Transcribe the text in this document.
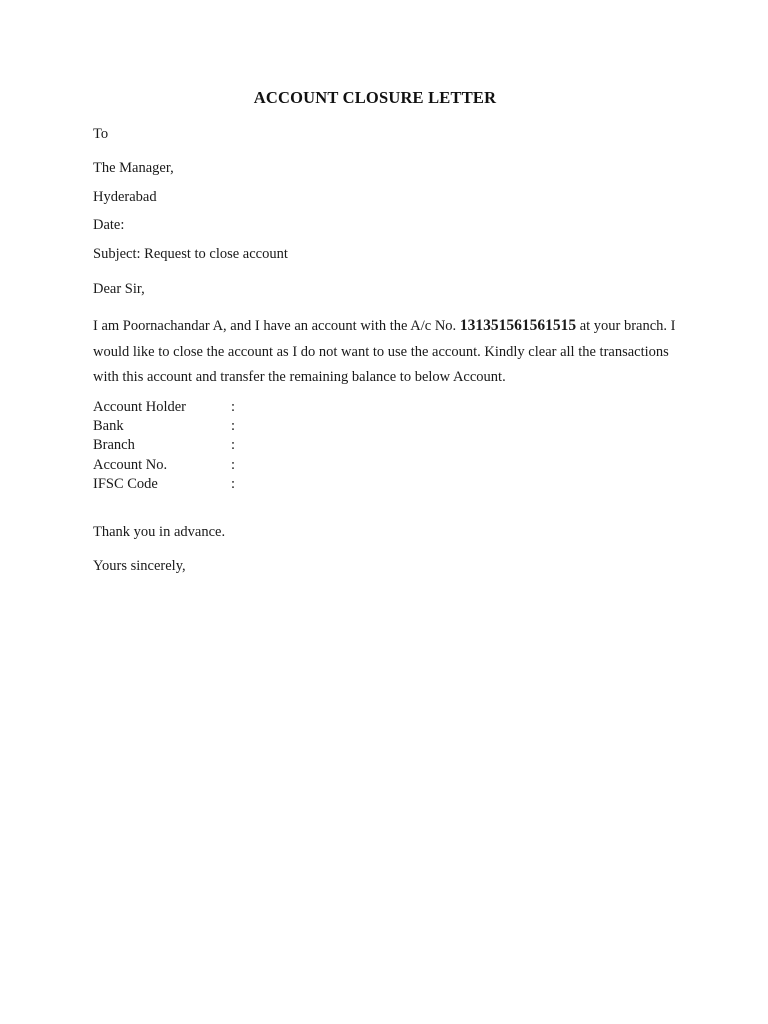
ACCOUNT CLOSURE LETTER
To
The Manager,
Hyderabad
Date:
Subject: Request to close account
Dear Sir,
I am Poornachandar A, and I have an account with the A/c No. 131351561561515 at your branch. I would like to close the account as I do not want to use the account. Kindly clear all the transactions with this account and transfer the remaining balance to below Account.
Account Holder	:
Bank	:
Branch	:
Account No.	:
IFSC Code	:
Thank you in advance.
Yours sincerely,
